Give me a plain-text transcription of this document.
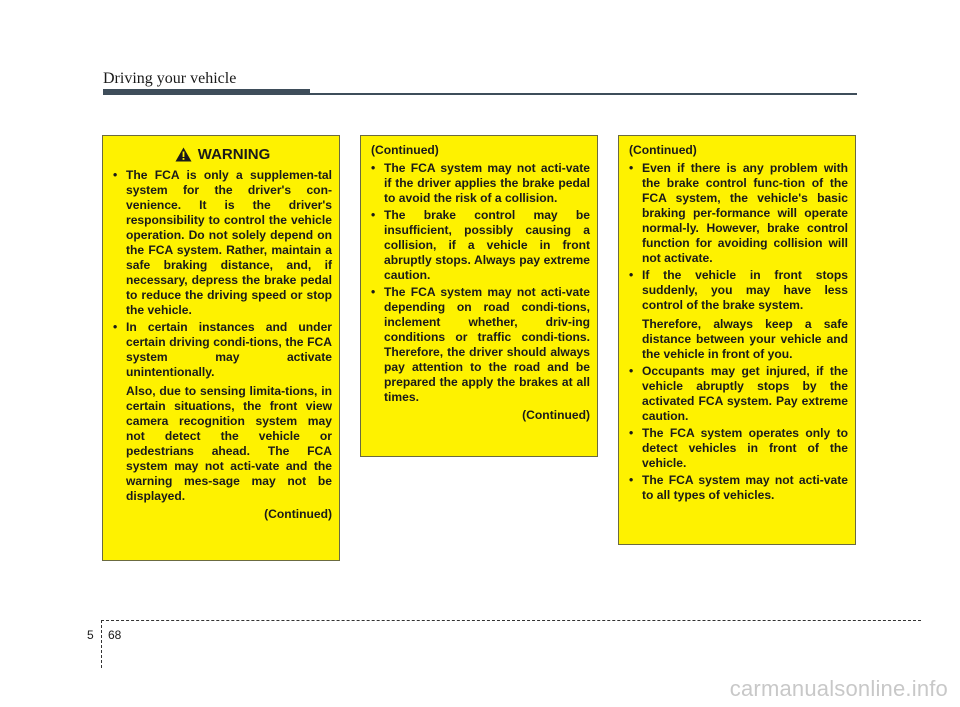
Driving your vehicle
WARNING
• The FCA is only a supplemen-tal system for the driver's con-venience. It is the driver's responsibility to control the vehicle operation. Do not solely depend on the FCA system. Rather, maintain a safe braking distance, and, if necessary, depress the brake pedal to reduce the driving speed or stop the vehicle.
• In certain instances and under certain driving condi-tions, the FCA system may activate unintentionally.

Also, due to sensing limita-tions, in certain situations, the front view camera recognition system may not detect the vehicle or pedestrians ahead. The FCA system may not acti-vate and the warning mes-sage may not be displayed.

(Continued)
(Continued)
• The FCA system may not acti-vate if the driver applies the brake pedal to avoid the risk of a collision.
• The brake control may be insufficient, possibly causing a collision, if a vehicle in front abruptly stops. Always pay extreme caution.
• The FCA system may not acti-vate depending on road condi-tions, inclement whether, driv-ing conditions or traffic condi-tions. Therefore, the driver should always pay attention to the road and be prepared the apply the brakes at all times.
(Continued)
(Continued)
• Even if there is any problem with the brake control func-tion of the FCA system, the vehicle's basic braking per-formance will operate normal-ly. However, brake control function for avoiding collision will not activate.
• If the vehicle in front stops suddenly, you may have less control of the brake system.

Therefore, always keep a safe distance between your vehicle and the vehicle in front of you.

• Occupants may get injured, if the vehicle abruptly stops by the activated FCA system. Pay extreme caution.
• The FCA system operates only to detect vehicles in front of the vehicle.
• The FCA system may not acti-vate to all types of vehicles.
5 68
carmanualsonline.info
